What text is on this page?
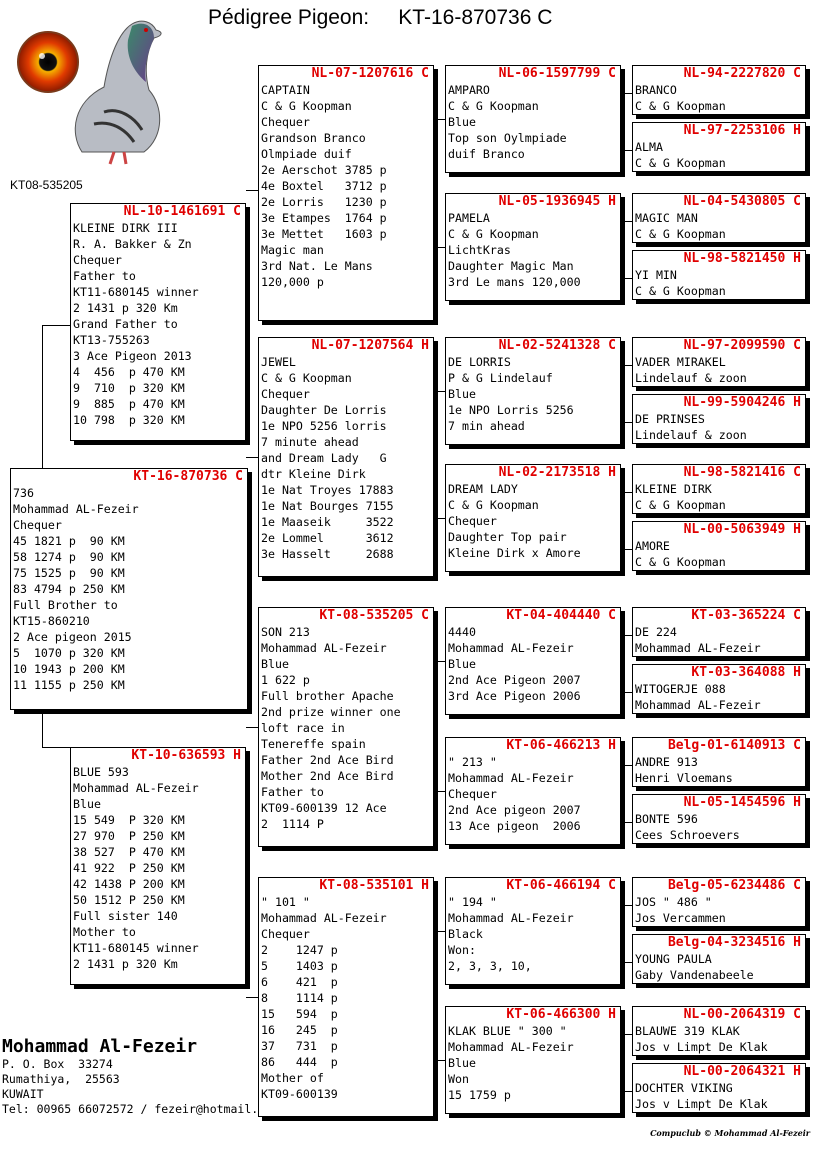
Pédigree Pigeon:     KT-16-870736 C
KT08-535205
KT-16-870736 C
736
Mohammad AL-Fezeir
Chequer
45 1821 p  90 KM
58 1274 p  90 KM
75 1525 p  90 KM
83 4794 p 250 KM
Full Brother to
KT15-860210
2 Ace pigeon 2015
5  1070 p 320 KM
10 1943 p 200 KM
11 1155 p 250 KM
NL-10-1461691 C
KLEINE DIRK III
R. A. Bakker & Zn
Chequer
Father to
KT11-680145 winner
2 1431 p 320 Km
Grand Father to
KT13-755263
3 Ace Pigeon 2013
4  456  p 470 KM
9  710  p 320 KM
9  885  p 470 KM
10 798  p 320 KM
KT-10-636593 H
BLUE 593
Mohammad AL-Fezeir
Blue
15 549  P 320 KM
27 970  P 250 KM
38 527  P 470 KM
41 922  P 250 KM
42 1438 P 200 KM
50 1512 P 250 KM
Full sister 140
Mother to
KT11-680145 winner
2 1431 p 320 Km
NL-07-1207616 C
CAPTAIN
C & G Koopman
Chequer
Grandson Branco
Olmpiade duif
2e Aerschot 3785 p
4e Boxtel   3712 p
2e Lorris   1230 p
3e Etampes  1764 p
3e Mettet   1603 p
Magic man
3rd Nat. Le Mans
120,000 p
NL-07-1207564 H
JEWEL
C & G Koopman
Chequer
Daughter De Lorris
1e NPO 5256 lorris
7 minute ahead
and Dream Lady   G
dtr Kleine Dirk
1e Nat Troyes 17883
1e Nat Bourges 7155
1e Maaseik     3522
2e Lommel      3612
3e Hasselt     2688
KT-08-535205 C
SON 213
Mohammad AL-Fezeir
Blue
1 622 p
Full brother Apache
2nd prize winner one
loft race in
Tenereffe spain
Father 2nd Ace Bird
Mother 2nd Ace Bird
Father to
KT09-600139 12 Ace
2  1114 P
KT-08-535101 H
" 101 "
Mohammad AL-Fezeir
Chequer
2    1247 p
5    1403 p
6    421  p
8    1114 p
15   594  p
16   245  p
37   731  p
86   444  p
Mother of
KT09-600139
NL-06-1597799 C
AMPARO
C & G Koopman
Blue
Top son Oylmpiade
duif Branco
NL-05-1936945 H
PAMELA
C & G Koopman
LichtKras
Daughter Magic Man
3rd Le mans 120,000
NL-02-5241328 C
DE LORRIS
P & G Lindelauf
Blue
1e NPO Lorris 5256
7 min ahead
NL-02-2173518 H
DREAM LADY
C & G Koopman
Chequer
Daughter Top pair
Kleine Dirk x Amore
KT-04-404440 C
4440
Mohammad AL-Fezeir
Blue
2nd Ace Pigeon 2007
3rd Ace Pigeon 2006
KT-06-466213 H
" 213 "
Mohammad AL-Fezeir
Chequer
2nd Ace pigeon 2007
13 Ace pigeon  2006
KT-06-466194 C
" 194 "
Mohammad AL-Fezeir
Black
Won:
2, 3, 3, 10,
KT-06-466300 H
KLAK BLUE " 300 "
Mohammad AL-Fezeir
Blue
Won
15 1759 p
NL-94-2227820 C
BRANCO
C & G Koopman
NL-97-2253106 H
ALMA
C & G Koopman
NL-04-5430805 C
MAGIC MAN
C & G Koopman
NL-98-5821450 H
YI MIN
C & G Koopman
NL-97-2099590 C
VADER MIRAKEL
Lindelauf & zoon
NL-99-5904246 H
DE PRINSES
Lindelauf & zoon
NL-98-5821416 C
KLEINE DIRK
C & G Koopman
NL-00-5063949 H
AMORE
C & G Koopman
KT-03-365224 C
DE 224
Mohammad AL-Fezeir
KT-03-364088 H
WITOGERJE 088
Mohammad AL-Fezeir
Belg-01-6140913 C
ANDRE 913
Henri Vloemans
NL-05-1454596 H
BONTE 596
Cees Schroevers
Belg-05-6234486 C
JOS " 486 "
Jos Vercammen
Belg-04-3234516 H
YOUNG PAULA
Gaby Vandenabeele
NL-00-2064319 C
BLAUWE 319 KLAK
Jos v Limpt De Klak
NL-00-2064321 H
DOCHTER VIKING
Jos v Limpt De Klak
Mohammad Al-Fezeir
P. O. Box  33274
Rumathiya,  25563
KUWAIT
Tel: 00965 66072572 / fezeir@hotmail.
Compuclub © Mohammad Al-Fezeir
